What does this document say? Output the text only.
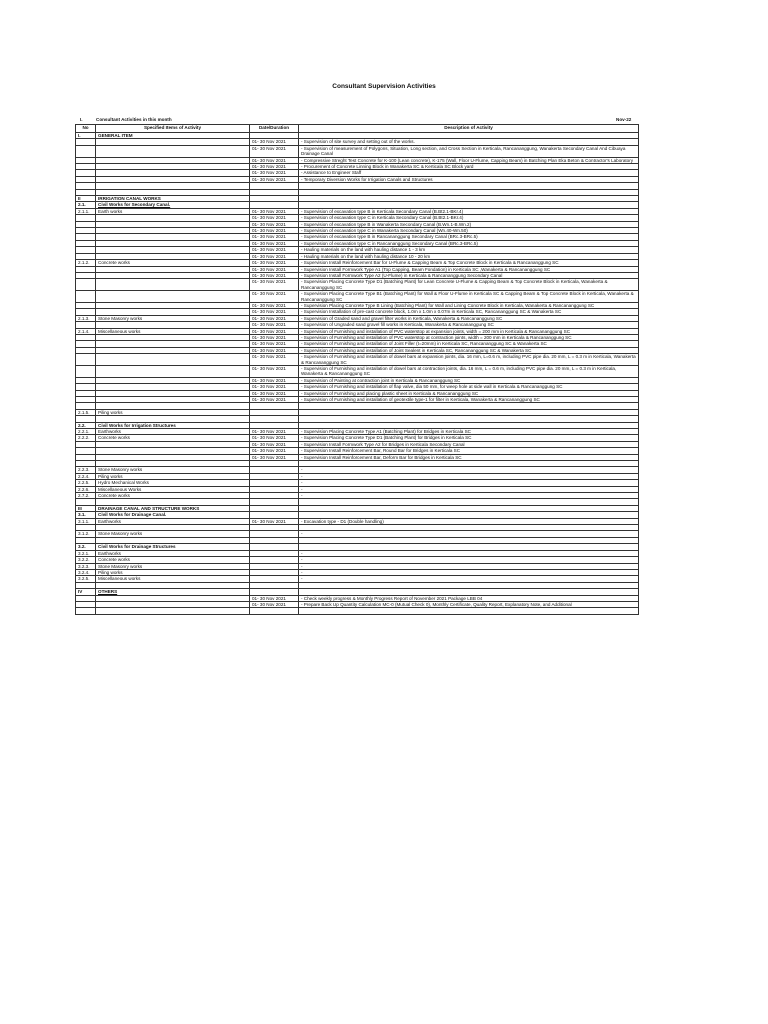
Consultant Supervision Activities
I.	Consultant Activities in this month	Nov-22
No	Specified Items of Activity	Date/Duration	Description of Activity
I.	GENERAL ITEM		
		01- 30 Nov 2021	- Supervision of site survey and setting out of the works.
		01- 30 Nov 2021	- Supervision of measurement of Polygons, Situation, Long section, and Cross Section in Kerticala, Rancananggung, Wanakerta Secondary Canal And Cibuaya Drainage Canal
		01- 30 Nov 2021	- Compressive Streght Test Concrete for K-100 (Lean concrete), K-175 (Wall, Floor U-Flume, Capping Beam) in Batching Plan Eka Beton & Contractor's Laboratory
		01- 30 Nov 2021	- Procurement of Concrete Linning Block in Wanakerta SC & Kerticala SC Block yard
		01- 30 Nov 2021	- Assistance to Engineer Staff
		01- 30 Nov 2021	- Temporary Diversion Works for Irrigation Canals and Structures

II	IRRIGATION CANAL WORKS		
2.1.	Civil Works for Secondary Canal.		
2.1.1.	Earth works	01- 30 Nov 2021	- Supervision of excavation type B in Kerticala Secondary Canal (B.Bt2.1-BKr.4)
		01- 30 Nov 2021	- Supervision of excavation type C in Kerticala Secondary Canal (B.Bt2.1-BKr.4)
		01- 30 Nov 2021	- Supervision of excavation type B in Wanakerta Secondary Canal (B.Wn.1-B.Wn.2)
		01- 30 Nov 2021	- Supervision of excavation type C in Wanakerta Secondary Canal (Wn.40-Wn.50)
		01- 30 Nov 2021	- Supervision of excavation type B in Rancananggung Secondary Canal (BRc.3-BRc.5)
		01- 30 Nov 2021	- Supervision of excavation type C in Rancananggung Secondary Canal (BRc.3-BRc.5)
		01- 30 Nov 2021	- Hauling materials on the land with hauling distance 1 - 3 km
		01- 30 Nov 2021	- Hauling materials on the land with hauling distance 10 - 20 km
2.1.2.	Concrete works	01- 30 Nov 2021	- Supervision Install Reinforcement Bar for U-Flume & Capping Beam & Top Concrete Block in Kerticala & Rancananggung SC
		01- 30 Nov 2021	- Supervision Install Formwork Type A1 (Top Capping, Beam Fondation) in Kerticala SC ,Wanakerta & Rancananggung SC
		01- 30 Nov 2021	- Supervision Install Formwork Type A2 (U-Flume) in Kerticala & Rancananggung Secondary Canal
		01- 30 Nov 2021	- Supervision Placing Concrete Type D1 (Batching Plant) for Lean Concrete U-Flume & Capping Beam & Top Concrete Block in Kerticala, Wanakerta & Rancananggung SC
		01- 30 Nov 2021	- Supervision Placing Concrete Type B1 (Batching Plant) for Wall & Floor U-Flume in Kerticala SC & Capping Beam & Top Concrete Block in Kerticala, Wanakerta & Rancananggung SC
		01- 30 Nov 2021	- Supervision Placing Concrete Type B Lining (Batching Plant) for Wall and Lining Concrete Block in Kerticala, Wanakerta & Rancananggung SC
		01- 30 Nov 2021	- Supervision Installation of pre-cast concrete block, 1.0m x 1.0m x 0.07m in Kerticala SC, Rancananggung SC & Wanakerta SC
2.1.3.	Stone Masonry works	01- 30 Nov 2021	- Supervision of Graded sand and gravel filter works in Kerticala, Wanakerta & Rancananggung SC
		01- 30 Nov 2021	- Supervision of Ungraded sand gravel fill works in Kerticala, Wanakerta & Rancananggung SC
2.1.4.	Miscellaneous works	01- 30 Nov 2021	- Supervision of Furnishing and installation of PVC waterstop at expansion joints, width = 200 mm in Kerticala & Rancananggung SC
		01- 30 Nov 2021	- Supervision of Furnishing and installation of PVC waterstop at contraction joints, width = 200 mm in Kerticala & Rancananggung SC
		01- 30 Nov 2021	- Supervision of Furnishing and installation of Joint Filler (t=20mm) in Kerticala SC, Rancananggung SC & Wanakerta SC
		01- 30 Nov 2021	- Supervision of Furnishing and installation of Joint Sealent in Kerticala SC, Rancananggung SC & Wanakerta SC
		01- 30 Nov 2021	- Supervision of Furnishing and installation of dowel bars at expansion joints, dia. 16 mm, L=0.6 m, including PVC pipe dia. 20 mm, L = 0.3 m in Kerticala, Wanakerta & Rancananggung SC
		01- 30 Nov 2021	- Supervision of Furnishing and installation of dowel bars at contraction joints, dia. 16 mm, L = 0.6 m, including PVC pipe dia. 20 mm, L = 0.3 m in Kerticala, Wanakerta & Rancananggung SC
		01- 30 Nov 2021	- Supervision of Painting at contraction joint in Kerticala & Rancananggung SC
		01- 30 Nov 2021	- Supervision of Furnishing and installation of flap valve, dia 50 mm, for weep hole at side wall in Kerticala & Rancananggung SC
		01- 30 Nov 2021	- Supervision of Furnishing and placing plastic sheet in Kerticala & Rancananggung SC
		01- 30 Nov 2021	- Supervision of Furnishing and installation of geotextile type-1 for filter in Kerticala, Wanakerta & Rancananggung SC

2.1.5.	Piling works		

2.2.	Civil Works for Irrigation Structures		
2.2.1.	Earthworks	01- 30 Nov 2021	- Supervision Placing Concrete Type A1 (Batching Plant) for Bridges in Kerticala SC
2.2.2.	Concrete works	01- 30 Nov 2021	- Supervision Placing Concrete Type D1 (Batching Plant) for Bridges in Kerticala SC
		01- 30 Nov 2021	- Supervision Install Formwork Type A2 for Bridges in Kerticala Secondary Canal
		01- 30 Nov 2021	- Supervision Install Reinforcement Bar, Round Bar for Bridges in Kerticala SC
		01- 30 Nov 2021	- Supervision Install Reinforcement Bar, Deform Bar for Bridges in Kerticala SC

2.2.3.	Stone Masonry works		-
2.2.4.	Piling works		-
2.2.5.	Hydro Mechanical Works		-
2.2.6.	Miscellaneous Works		-
2.7.2.	Concrete works		-

III	DRAINAGE CANAL AND STRUCTURE WORKS		
3.1.	Civil Works for Drainage Canal.		
3.1.1.	Earthworks	01- 30 Nov 2021	- Excavation type - D1 (Double handling)

3.1.2.	Stone Masonry works		-

3.2.	Civil Works for Drainage Structures		
3.2.1.	Earthworks		-
3.2.2.	Concrete works		-
3.2.3.	Stone Masonry works		-
3.2.4.	Piling works		-
3.2.5.	Miscellaneous works		-

IV	OTHERS		
		01- 30 Nov 2021	- Check weekly progress & Monthly Progress Report of November 2021 Package LBB 04
		01- 30 Nov 2021	- Prepare Back Up Quantity Calculation MC-0 (Mutual Check 0), Monthly Certificate, Quality Report, Explanatory Note, and Additional
